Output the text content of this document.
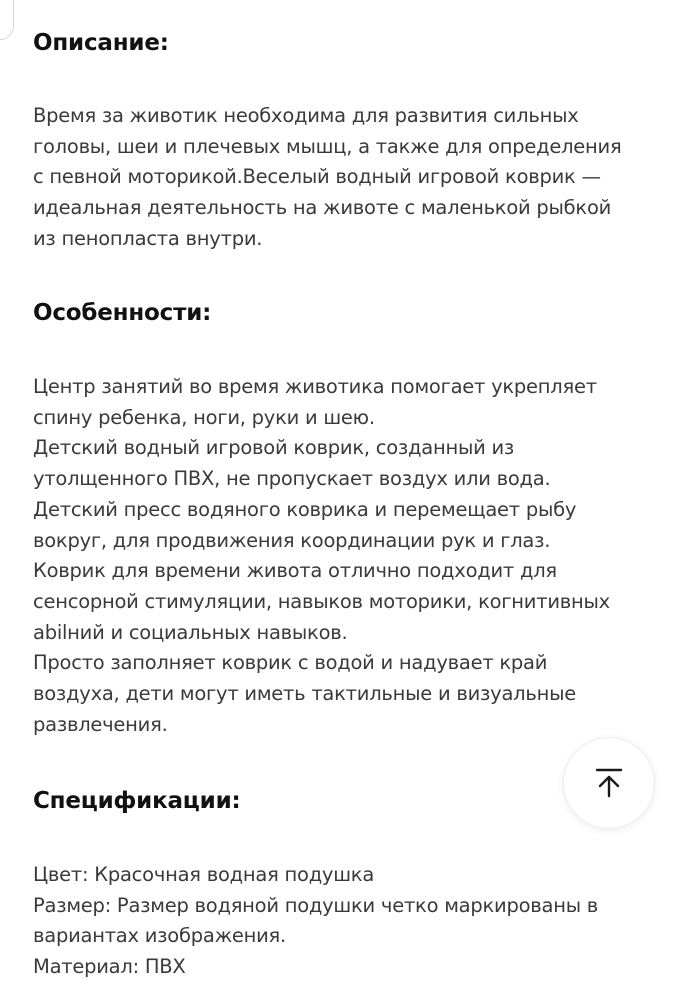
Описание:
Время за животик необходима для развития сильных
головы, шеи и плечевых мышц, а также для определения
с певной моторикой.Веселый водный игровой коврик —
идеальная деятельность на животе с маленькой рыбкой
из пенопласта внутри.
Особенности:
Центр занятий во время животика помогает укрепляет
спину ребенка, ноги, руки и шею.
Детский водный игровой коврик, созданный из
утолщенного ПВХ, не пропускает воздух или вода.
Детский пресс водяного коврика и перемещает рыбу
вокруг, для продвижения координации рук и глаз.
Коврик для времени живота отлично подходит для
сенсорной стимуляции, навыков моторики, когнитивных
abilний и социальных навыков.
Просто заполняет коврик с водой и надувает край
воздуха, дети могут иметь тактильные и визуальные
развлечения.
Спецификации:
Цвет: Красочная водная подушка
Размер: Размер водяной подушки четко маркированы в
вариантах изображения.
Материал: ПВХ
